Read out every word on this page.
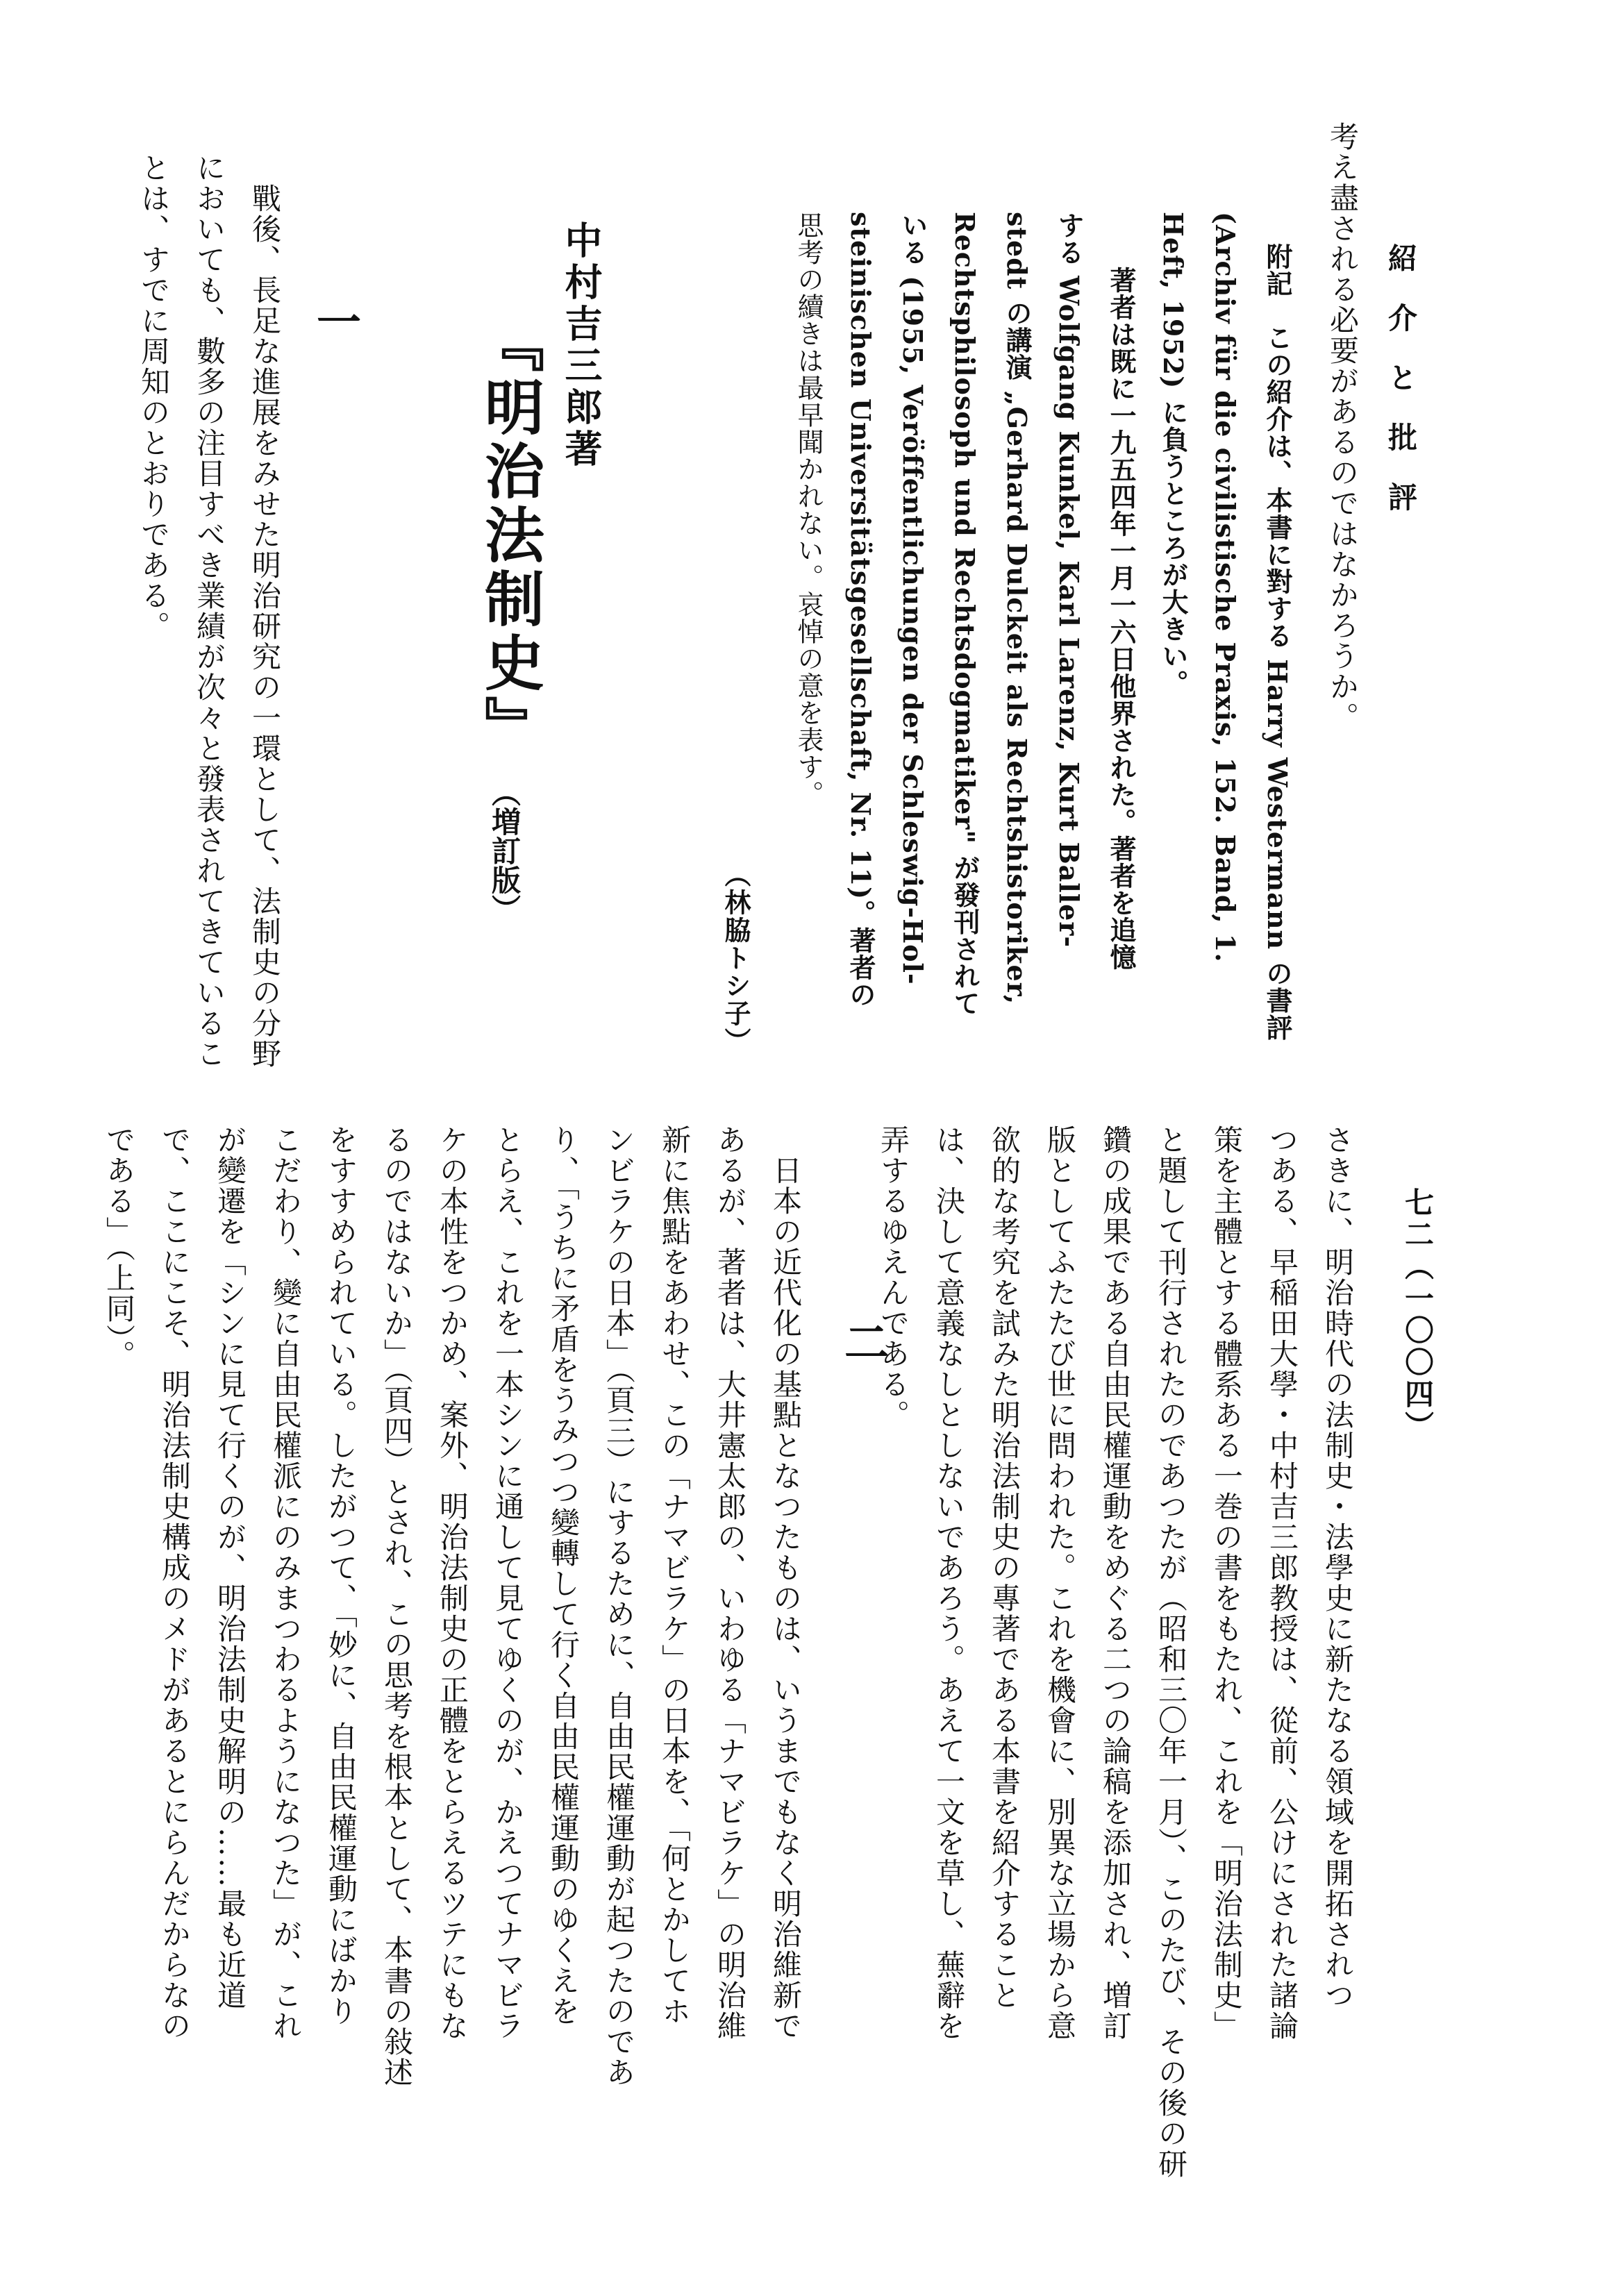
紹介と批評
七二（一〇〇四）
考え盡される必要があるのではなかろうか。
附記　この紹介は、本書に對する Harry Westermann の書評
(Archiv für die civilistische Praxis, 152. Band, 1.
Heft, 1952) に負うところが大きい。
　著者は既に一九五四年一月一六日他界された。著者を追憶
する Wolfgang Kunkel, Karl Larenz, Kurt Baller-
stedt の講演 „Gerhard Dulckeit als Rechtshistoriker,
Rechtsphilosoph und Rechtsdogmatiker" が發刊されて
いる (1955, Veröffentlichungen der Schleswig-Hol-
steinischen Universitätsgesellschaft, Nr. 11)。著者の
思考の續きは最早聞かれない。哀悼の意を表す。
（林脇トシ子）
中村吉三郎著
『明治法制史』
（増訂版）
一
　戰後、長足な進展をみせた明治研究の一環として、法制史の分野
においても、數多の注目すべき業績が次々と發表されてきているこ
とは、すでに周知のとおりである。
さきに、明治時代の法制史・法學史に新たなる領域を開拓されつ
つある、早稲田大學・中村吉三郎教授は、從前、公けにされた諸論
策を主體とする體系ある一巻の書をもたれ、これを「明治法制史」
と題して刊行されたのであつたが（昭和三〇年一月）、このたび、その後の研
鑽の成果である自由民權運動をめぐる二つの論稿を添加され、増訂
版としてふたたび世に問われた。これを機會に、別異な立場から意
欲的な考究を試みた明治法制史の專著である本書を紹介すること
は、決して意義なしとしないであろう。あえて一文を草し、蕪辭を
弄するゆえんである。
二
　日本の近代化の基點となつたものは、いうまでもなく明治維新で
あるが、著者は、大井憲太郎の、いわゆる「ナマビラケ」の明治維
新に焦點をあわせ、この「ナマビラケ」の日本を、「何とかしてホ
ンビラケの日本」（頁三）にするために、自由民權運動が起つたのであ
り、「うちに矛盾をうみつつ變轉して行く自由民權運動のゆくえを
とらえ、これを一本シンに通して見てゆくのが、かえつてナマビラ
ケの本性をつかめ、案外、明治法制史の正體をとらえるツテにもな
るのではないか」（頁四）とされ、この思考を根本として、本書の敍述
をすすめられている。したがつて、「妙に、自由民權運動にばかり
こだわり、變に自由民權派にのみまつわるようになつた」が、これ
が變遷を「シンに見て行くのが、明治法制史解明の……最も近道
で、ここにこそ、明治法制史構成のメドがあるとにらんだからなの
である」（上同）。
